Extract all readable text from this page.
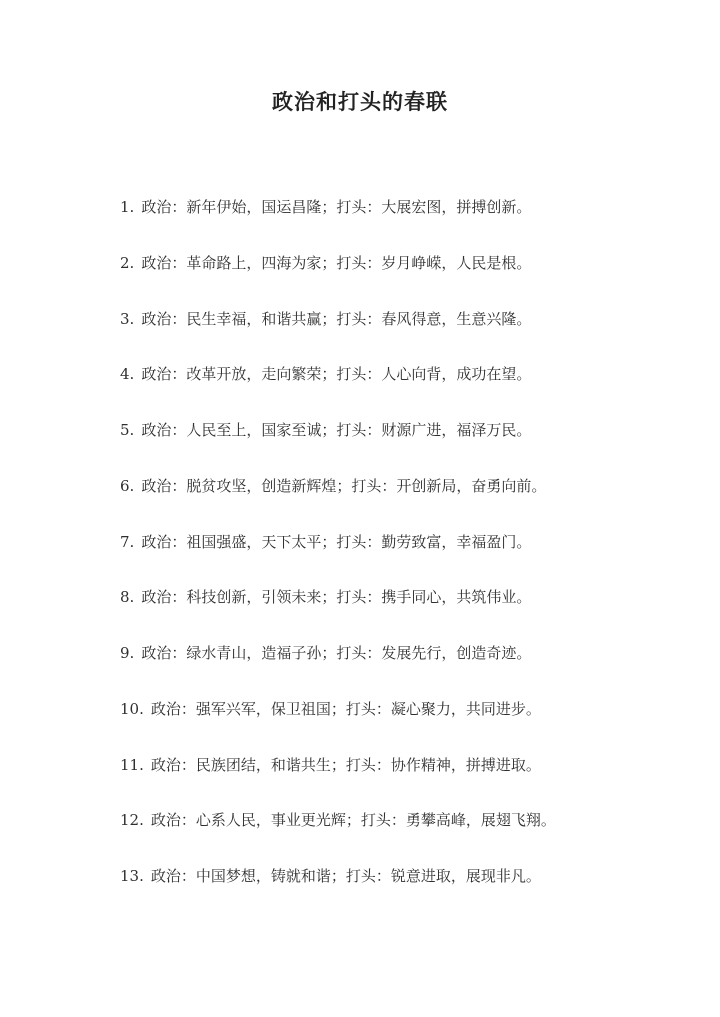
政治和打头的春联
1. 政治：新年伊始，国运昌隆；打头：大展宏图，拼搏创新。
2. 政治：革命路上，四海为家；打头：岁月峥嵘，人民是根。
3. 政治：民生幸福，和谐共赢；打头：春风得意，生意兴隆。
4. 政治：改革开放，走向繁荣；打头：人心向背，成功在望。
5. 政治：人民至上，国家至诚；打头：财源广进，福泽万民。
6. 政治：脱贫攻坚，创造新辉煌；打头：开创新局，奋勇向前。
7. 政治：祖国强盛，天下太平；打头：勤劳致富，幸福盈门。
8. 政治：科技创新，引领未来；打头：携手同心，共筑伟业。
9. 政治：绿水青山，造福子孙；打头：发展先行，创造奇迹。
10. 政治：强军兴军，保卫祖国；打头：凝心聚力，共同进步。
11. 政治：民族团结，和谐共生；打头：协作精神，拼搏进取。
12. 政治：心系人民，事业更光辉；打头：勇攀高峰，展翅飞翔。
13. 政治：中国梦想，铸就和谐；打头：锐意进取，展现非凡。
